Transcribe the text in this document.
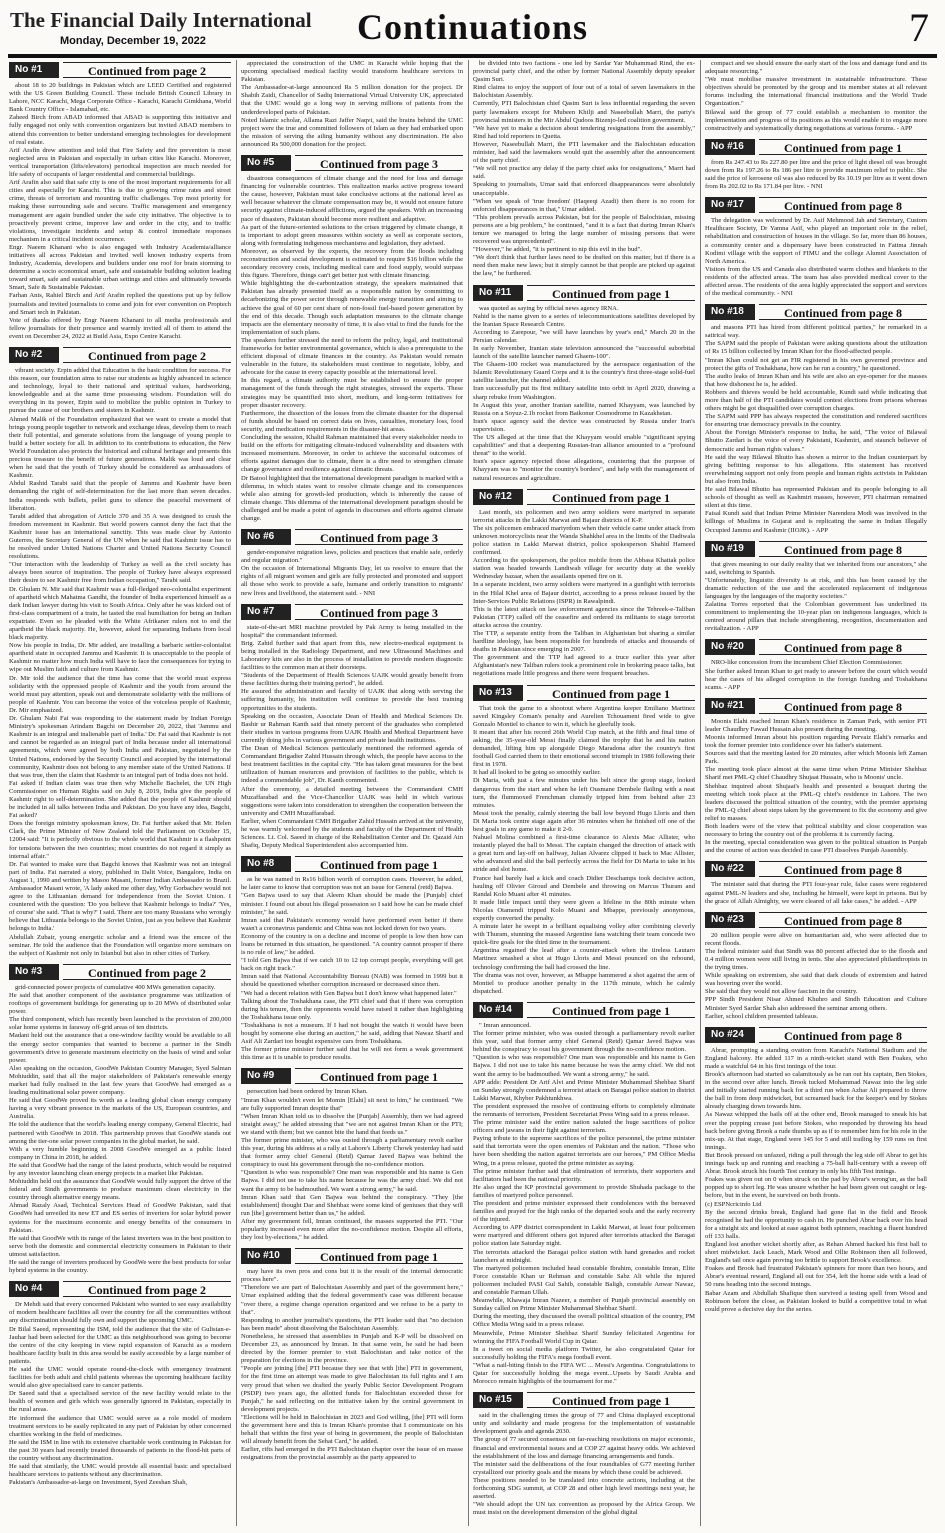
The Financial Daily International
Monday, December 19, 2022	Continuations	7
No #1	Continued from page 2

about 18 to 20 buildings in Pakistan which are LEED Certified and registered with the US Green Building Council. These include British Council Library in Lahore, NCC Karachi, Mega Corporate Office - Karachi, Karachi Gimkhana, World Bank Country Office - Islamabad, etc.
Zaheed Birch from ABAD informed that ABAD is supporting this initiative and fully engaged not only with convention organizers but invited ABAD members to attend this convention to better understand emerging technologies for development of real estate.
Arif Arafin drew attention and told that Fire Safety and fire prevention is most neglected area in Pakistan and especially in urban cities like Karachi. Moreover, vertical transportation (lifts/elevators) periodical inspection are much needed for life safety of occupants of larger residential and commercial buildings.
Arif Arafin also said that safe city is one of the most important requirements for all cities and especially for Karachi. This is due to growing crime rates and street crime, threats of terrorism and mounting traffic challenges. Top most priority for making these surrounding safe and secure. Traffic management and emergency management are again bundled under the safe city initiative. The objective is to proactively prevent crime, improve law and order in the city, and to traffic violations, investigate incidents and setup & control immediate responses mechanism in a critical incident occurrence.
Engr. Naeem Khanani who is also engaged with Industry Academia/alliance initiatives all across Pakistan and invited well known industry experts from Industry, Academia, developers and builders under one roof for brain storming to determine a socio economical smart, safe and sustainable building solution leading toward smart, safe and sustainable urban settings and cities and ultimately towards Smart, Safe & Sustainable Pakistan.
Farhan Anis, Rahiel Birch and Arif Arafin replied the questions put up by fellow journalists and invited journalists to come and join for ever convention on Proptech and Smart tech in Pakistan.
Vote of thanks offered by Engr Naeem Khanani to all media professionals and fellow journalists for their presence and warmly invited all of them to attend the event on December 24, 2022 at Build Asia, Expo Centre Karachi.

No #2	Continued from page 2

vibrant society. Erpin added that Education is the basic condition for success. For this reason, our foundation aims to raise our students as highly advanced in science and technology, loyal to their national and spiritual values, hardworking, knowledgeable and at the same time possessing wisdom. Foundation will do everything in its power, Erpin said to mobilize the public opinion in Turkey to pursue the cause of our brothers and sisters in Kashmir.
Ahmed Malik of the Foundation emphasized that we want to create a model that brings young people together to network and exchange ideas, develop them to reach their full potential, and generate solutions from the language of young people to build a better society for all. In addition to its contributions to education, the New World Foundation also protects the historical and cultural heritage and presents this precious treasure to the benefit of future generations. Malik was loud and clear when he said that the youth of Turkey should be considered as ambassadors of Kashmir.
Abdul Rashid Tarabi said that the people of Jammu and Kashmir have been demanding the right of self-determination for the last more than seven decades. India responds with bullets, pellet guns to silence the peaceful movement of liberation.
Tarabi added that abrogation of Article 370 and 35 A was designed to crush the freedom movement in Kashmir. But world powers cannot deny the fact that the Kashmir issue has an international sanctity. This was made clear by Antonio Guterres, the Secretary General of the UN when he said that Kashmir issue has to be resolved under United Nations Charter and United Nations Security Council resolutions.
"Our interaction with the leadership of Turkey as well as the civil society has always been source of inspiration. The people of Turkey have always expressed their desire to see Kashmir free from Indian occupation," Tarabi said.
Dr. Ghulam N. Mir said that Kashmir was a full-fledged neo-colonialist experiment of apartheid which Mahatma Gandhi, the founder of India experienced himself as a dark Indian lawyer during his visit to South Africa. Only after he was kicked out of first-class compartment of a train, he tasted the real humiliation for being an Indian expatriate. Even so he pleaded with the White Afrikaner rulers not to end the apartheid the black majority. He, however, asked for separating Indians from local black majority.
Now his people in India, Dr. Mir added, are installing a barbaric settler-colonialist apartheid state in occupied Jammu and Kashmir. It is unacceptable to the people of Kashmir no matter how much India will have to face the consequences for trying to wipe out Muslim faith and culture from Kashmir.
Dr. Mir told the audience that the time has come that the world must express solidarity with the oppressed people of Kashmir and the youth from around the world must pay attention, speak out and demonstrate solidarity with the millions of people of Kashmir. You can become the voice of the voiceless people of Kashmir, Dr. Mir emphasized.
Dr. Ghulam Nabi Fai was responding to the statement made by Indian Foreign Ministry's spokesman Arindam Bagchi on December 20, 2022, that 'Jammu and Kashmir is an integral and inalienable part of India.' Dr. Fai said that Kashmir is not and cannot be regarded as an integral part of India because under all international agreements, which were agreed by both India and Pakistan, negotiated by the United Nations, endorsed by the Security Council and accepted by the international community, Kashmir does not belong to any member state of the United Nations. If that was true, then the claim that Kashmir is an integral part of India does not hold.
Fai asked if Indian claim was true then why Michelle Bachelet, the UN High Commissioner on Human Rights said on July 8, 2019, India give the people of Kashmir right to self-determination. She added that the people of Kashmir should be included in all talks between India and Pakistan. Do you have any idea, Bagchi, Fai asked?
Does the foreign ministry spokesman know, Dr. Fai further asked that Mr. Helen Clark, the Prime Minister of New Zealand told the Parliament on October 15, 12004 said: "It is perfectly obvious to the whole world that Kashmir is a flashpoint for tensions between the two countries; most countries do not regard it simply as internal affair."
Dr. Fai wanted to make sure that Bagchi knows that Kashmir was not an integral part of India. Fai narrated a story, published in Dalit Voice, Bangalore, India on August 1, 1990 and written by Masoo Masani, former Indian Ambassador to Brazil. Ambassador Masani wrote, 'A lady asked me other day, Why Gorbachev would not agree to the Lithuanian demand for independence from the Soviet Union. I countered with the question: 'Do you believe that Kashmir belongs to India?' 'Yes, of course' she said. 'That is why?' I said. There are too many Russians who wrongly believe that Lithuania belongs to the Soviet Union, just as you believe that Kashmir belongs to India.'
Abdullah Zubair, young energetic scholar and a friend was the emcee of the seminar. He told the audience that the Foundation will organize more seminars on the subject of Kashmir not only in Istanbul but also in other cities of Turkey.

No #3	Continued from page 2

grid-connected power projects of cumulative 400 MWs generation capacity.
He said that another component of the assistance programme was utilization of rooftops of government buildings for generating up to 20 MWs of distributed solar power.
The third component, which has recently been launched is the provision of 200,000 solar home systems in faraway off-grid areas of ten districts.
Madani held out the assurance that a one-window facility would be available to all the energy sector companies that wanted to become a partner in the Sindh government's drive to generate maximum electricity on the basis of wind and solar power.
Also speaking on the occasion, GoodWe Pakistan Country Manager, Syed Salman Mohiuddin, said that all the major stakeholders of Pakistan's renewable energy market had fully realised in the last few years that GoodWe had emerged as a leading multinational solar power company.
He said that GoodWe proved its worth as a leading global clean energy company having a very vibrant presence in the markets of the US, European countries, and Australia.
He told the audience that the world's leading energy company, General Electric, had partnered with GoodWe in 2018. This partnership proves that GoodWe stands out among the tier-one solar power companies in the global market, he said.
With a very humble beginning in 2008 GoodWe emerged as a public listed company in China in 2018, he added.
He said that GoodWe had the range of the latest products, which would be required by any investor launching clean energy projects in a market like Pakistan.
Mohiuddin held out the assurance that GoodWe would fully support the drive of the federal and Sindh governments to produce maximum clean electricity in the country through alternative energy means.
Ahmad Razaly Asad, Technical Services Head of GoodWe Pakistan, said that GoodWe had unveiled its new ET and ES series of inverters for solar hybrid power systems for the maximum economic and energy benefits of the consumers in Pakistan.
He said that GoodWe with its range of the latest inverters was in the best position to serve both the domestic and commercial electricity consumers in Pakistan to their utmost satisfaction.
He said the range of inverters produced by GoodWe were the best products for solar hybrid systems in the country.

No #4	Continued from page 2

Dr Mehdi said that every concerned Pakistani who wanted to see easy availability of modern healthcare facilities all over the country for all the communities without any discrimination should fully own and support the upcoming UMC.
Dr Bilal Saeed, representing the ISM, told the audience that the site of Gulistan-e-Jauhar had been selected for the UMC as this neighbourhood was going to become the centre of the city keeping in view rapid expansion of Karachi as a modern healthcare facility built in this area would be easily accessible by a large number of patients.
He said the UMC would operate round-the-clock with emergency treatment facilities for both adult and child patients whereas the upcoming healthcare facility would also give specialised care to cancer patients.
Dr Saeed said that a specialised service of the new facility would relate to the health of women and girls which was generally ignored in Pakistan, especially in the rural areas.
He informed the audience that UMC would serve as a role model of modern treatment services to be easily replicated in any part of Pakistan by other concerned charities working in the field of medicines.
He said the ISM in line with its extensive charitable work continuing in Pakistan for the past 30 years had recently treated thousands of patients in the flood-hit parts of the country without any discrimination.
He said that similarly, the UMC would provide all essential basic and specialised healthcare services to patients without any discrimination.
Pakistan's Ambassador-at-large on Investment, Syed Zeeshan Shah,

appreciated the construction of the UMC in Karachi while hoping that the upcoming specialised medical facility would transform healthcare services in Pakistan.
The Ambassador-at-large announced Rs 5 million donation for the project. Dr Shabih Zaidi, Chancellor of Sadiq International Virtual University UK, appreciated that the UMC would go a long way in serving millions of patients from the underdeveloped parts of Pakistan.
Noted Islamic scholar, Allama Razi Jaffer Naqvi, said the brains behind the UMC project were the true and committed followers of Islam as they had embarked upon the mission of serving the ailing humanity without any discrimination. He also announced Rs 500,000 donation for the project.

No #5	Continued from page 3

disastrous consequences of climate change and the need for loss and damage financing for vulnerable countries. This realization marks active progress toward the cause, however, Pakistan must take conclusive actions at the national level as well because whatever the climate compensation may be, it would not ensure future security against climate-induced afflictions, argued the speakers. With an increasing pace of disasters, Pakistan should become more resilient and adaptive.
As part of the future-oriented solutions to the crises triggered by climate change, it is important to adopt green measures within society as well as corporate sectors, along with formulating indigenous mechanisms and legislation, they advised.
Moreover, as observed by the experts, the recovery from the floods including reconstruction and social development is estimated to require $16 billion while the secondary recovery costs, including medical care and food supply, would surpass this figure. Therefore, things can't get better just with climate financing.
While highlighting the de-carbonization strategy, the speakers maintained that Pakistan has already presented itself as a responsible nation by committing to decarbonizing the power sector through renewable energy transition and aiming to achieve the goal of 60 per cent share of non-fossil fuel-based power generation by the end of this decade. Though such adaptation measures to the climate change impacts are the elementary necessity of time, it is also vital to find the funds for the implementation of such plans.
The speakers further stressed the need to reform the policy, legal, and institutional frameworks for better environmental governance, which is also a prerequisite to the efficient disposal of climate finances in the country. As Pakistan would remain vulnerable in the future, its stakeholders must continue to negotiate, lobby, and advocate for the cause in every capacity possible at the international level.
In this regard, a climate authority must be established to ensure the proper management of the funds through the right strategies, stressed the experts. These strategies may be quantified into short, medium, and long-term initiatives for proper disaster recovery.
Furthermore, the dissection of the losses from the climate disaster for the dispersal of funds should be based on correct data on lives, casualties, monetary loss, food security, and medication requirements in the disaster-hit areas.
Concluding the session, Khalid Rahman maintained that every stakeholder needs to build on the efforts for mitigating climate-induced vulnerability and disasters with increased momentum. Moreover, in order to achieve the successful outcomes of efforts against damages due to climate, there is a dire need to strengthen climate change governance and resilience against climatic threats.
Dr Batool highlighted that the international development paradigm is marked with a dilemma, in which states want to resolve climate change and its consequences while also aiming for growth-led production, which is inherently the cause of climate change. This dilemma of the international development paradigm should be challenged and be made a point of agenda in discourses and efforts against climate change.

No #6	Continued from page 3

gender-responsive migration laws, policies and practices that enable safe, orderly and regular migration."
On the occasion of International Migrants Day, let us resolve to ensure that the rights of all migrant women and girls are fully protected and promoted and support all those who work to provide a safe, humane and orderly transition to migrants' new lives and livelihood, the statement said. - NNI

No #7	Continued from page 3

state-of-the-art MRI machine provided by Pak Army is being installed in the hospital" the commandant informed.
Brig. Zahid further said that apart from this, new electro-medical equipment is being installed in the Radiology Department, and new Ultrasound Machines and Laboratory kits are also in the process of installation to provide modern diagnostic facilities to the common man at their doorsteps.
"Students of the Department of Health Sciences UAJK would greatly benefit from these facilities during their training period", he added.
He assured the administration and faculty of UAJK that along with serving the suffering humanity, his institution will continue to provide the best training opportunities to the students.
Speaking on the occasion, Associate Dean of Health and Medical Sciences Dr. Bashir ur Rahman Kanth said that ninety percent of the graduates who completed their studies in various programs from UAJK Health and Medical Department have currently doing jobs in various government and private health institutions.
The Dean of Medical Sciences particularly mentioned the reformed agenda of Commandant Brigadier Zahid Hussain through which, the people have access to the best treatment facilities in the capital city. "He has taken great measures for the best utilization of human resources and provision of facilities to the public, which is indeed a commendable job", Dr. Kanth commented.
After the ceremony, a detailed meeting between the Commandant CMH Muzaffarabad and the Vice-Chancellor UAJK was held in which various suggestions were taken into consideration to strengthen the cooperation between the university and CMH Muzaffarabad.
Earlier, when Commandant CMH Brigadier Zahid Hussain arrived at the university, he was warmly welcomed by the students and faculty of the Department of Health Sciences. Lt. Col. Saeed in charge of the Rehabilitation Center and Dr. Qazaid Ain Shafiq, Deputy Medical Superintendent also accompanied him.

No #8	Continued from page 1

as he was named in Rs16 billion worth of corruption cases. However, he added, he later came to know that corruption was not an issue for General (retd) Bajwa.
"Gen Bajwa used to say that Aleem Khan should be made the [Punjab] chief minister. I found out about his illegal possession so I said how he can be made chief minister," he said.
Imran said that Pakistan's economy would have performed even better if there wasn't a coronavirus pandemic and China was not locked down for two years.
Economy of the country is on a decline and income of people is low then how can loans be returned in this situation, he questioned. "A country cannot prosper if there is no rule of law," he added.
"I told Gen Bajwa that if we catch 10 to 12 top corrupt people, everything will get back on right track."
Imran said that National Accountability Bureau (NAB) was formed in 1999 but it should be questioned whether corruption increased or decreased since then.
"We had a decent relation with Gen Bajwa but I don't know what happened later."
Talking about the Toshakhana case, the PTI chief said that if there was corruption during his tenure, then the opponents would have raised it rather than highlighting the Toshakhana issue only.
"Toshakhana is not a museum. If I had not bought the watch it would have been bought by someone else during an auction," he said, adding that Nawaz Sharif and Asif Ali Zardari too bought expensive cars from Toshakhana.
The former prime minister further said that he will not form a weak government this time as it is unable to produce results.

No #9	Continued from page 1

persecution had been ordered by Imran Khan.
"Imran Khan wouldn't even let Momin [Elahi] sit next to him," he continued. "We are fully supported Imran despite that"
"When Imran Khan told us to dissolve the [Punjab] Assembly, then we had agreed straight away," he added stressing that "we are not against Imran Khan or the PTI; we stand with them; but we cannot bite the hand that feeds us."
The former prime minister, who was ousted through a parliamentary revolt earlier this year, during his address at a rally at Lahore's Liberty Chowk yesterday had said that former army chief General (Retd) Qamar Javed Bajwa was behind the conspiracy to oust his government through the no-confidence motion.
"Question is who was responsible? One man was responsible and his name is Gen Bajwa. I did not use to take his name because he was the army chief. We did not want the army to be badmouthed. We want a strong army," he said.
Imran Khan said that Gen Bajwa was behind the conspiracy. "They [the establishment] thought Dar and Shehbaz were some kind of geniuses that they will run [the] government better than us," he added.
After my government fell, Imran continued, the masses supported the PTI. "Our popularity increased even more after the no-confidence motion. Despite all efforts, they lost by-elections," he added.

No #10	Continued from page 1

may have its own pros and cons but it is the result of the internal democratic process here".
"Therefore we are part of Balochistan Assembly and part of the government here," Umar explained adding that the federal government's case was different because "over there, a regime change operation organized and we refuse to be a party to that".
Responding to another journalist's questions, the PTI leader said that "no decision has been made" about dissolving the Balochistan Assembly.
Nonetheless, he stressed that assemblies in Punjab and K-P will be dissolved on December 23, as announced by Imran. In that same vein, he said he had been directed by the former premier to visit Balochistan and take notice of the preparation for elections in the province.
"People are joining [the] PTI because they see that with [the] PTI in government, for the first time an attempt was made to give Balochistan its full rights and I am very proud that when we drafted the yearly Public Sector Development Program (PSDP) two years ago, the allotted funds for Balochistan exceeded those for Punjab," he said reflecting on the initiative taken by the central government in development projects.
"Elections will be held in Balochistan in 2023 and God willing, [the] PTI will form the government here and this is Imran Khan's promise that I communicate on his behalf that within the first year of being in government, the people of Balochistan will already benefit from the Sehat Card," he added.
Earlier, rifts had emerged in the PTI Balochistan chapter over the issue of en masse resignations from the provincial assembly as the party appeared to

be divided into two factions - one led by Sardar Yar Muhammad Rind, the ex-provincial party chief, and the other by former National Assembly deputy speaker Qasim Suri.
Rind claims to enjoy the support of four out of a total of seven lawmakers in the Balochistan Assembly.
Currently, PTI Balochistan chief Qasim Suri is less influential regarding the seven party lawmakers except for Mubeen Khilji and Naseebullah Marri, the party's provincial ministers in the Mir Abdul Qudoos Bizenjo-led coalition government.
"We have yet to make a decision about tendering resignations from the assembly," Rind had told reporters in Quetta.
However, Naseebullah Marri, the PTI lawmaker and the Balochistan education minister, had said the lawmakers would quit the assembly after the announcement of the party chief.
"We will not practice any delay if the party chief asks for resignations," Marri had said.
Speaking to journalists, Umar said that enforced disappearances were absolutely unacceptable.
"When we speak of 'true freedom' (Haqeeqi Azadi) then there is no room for enforced disappearances in that," Umar added.
"This problem prevails across Pakistan, but for the people of Balochistan, missing persons are a big problem," he continued, "and it is a fact that during Imran Khan's tenure we managed to bring the large number of missing persons that were recovered was unprecedented".
"However," he added, "it is pertinent to nip this evil in the bud".
"We don't think that further laws need to be drafted on this matter, but if there is a need then make new laws; but it simply cannot be that people are picked up against the law," he furthered.

No #11	Continued from page 1

was quoted as saying by official news agency IRNA.
Nahid is the name given to a series of telecommunications satellites developed by the Iranian Space Research Centre.
According to Zarepour, "we will have launches by year's end," March 20 in the Persian calendar.
In early November, Iranian state television announced the "successful suborbital launch of the satellite launcher named Ghaem-100".
The Ghaem-100 rocket was manufactured by the aerospace organisation of the Islamic Revolutionary Guard Corps and it is the country's first three-stage solid-fuel satellite launcher, the channel added.
Iran successfully put its first military satellite into orbit in April 2020, drawing a sharp rebuke from Washington.
In August this year, another Iranian satellite, named Khayyam, was launched by Russia on a Soyuz-2.1b rocket from Baikonur Cosmodrome in Kazakhstan.
Iran's space agency said the device was constructed by Russia under Iran's supervision.
The US alleged at the time that the Khayyam would enable "significant spying capabilities" and that a deepening Russian-Iran alliance amounted to a "profound threat" to the world.
Iran's space agency rejected those allegations, countering that the purpose of Khayyam was to "monitor the country's borders", and help with the management of natural resources and agriculture.

No #12	Continued from page 1

Last month, six policemen and two army soldiers were martyred in separate terrorist attacks in the Lakki Marwat and Bajaur districts of K-P.
The six policemen embraced martyrdom when their vehicle came under attack from unknown motorcyclists near the Wanda Shahkhel area in the limits of the Dadiwala police station in Lakki Marwat district, police spokesperson Shahid Hameed confirmed.
According to the spokesperson, the police mobile from the Abbasa Khattak police station was headed towards Landiwah village for security duty at the weekly Wednesday bazaar, when the assailants opened fire on it.
In a separate incident, two army soldiers were martyred in a gunfight with terrorists in the Hilal Khel area of Bajaur district, according to a press release issued by the Inter-Services Public Relations (ISPR) in Rawalpindi.
This is the latest attack on law enforcement agencies since the Tehreek-e-Taliban Pakistan (TTP) called off the ceasefire and ordered its militants to stage terrorist attacks across the country.
The TTP, a separate entity from the Taliban in Afghanistan but sharing a similar hardline ideology, has been responsible for hundreds of attacks and thousands of deaths in Pakistan since emerging in 2007.
The government and the TTP had agreed to a truce earlier this year after Afghanistan's new Taliban rulers took a prominent role in brokering peace talks, but negotiations made little progress and there were frequent breaches.

No #13	Continued from page 1

That took the game to a shootout where Argentina keeper Emiliano Martinez saved Kingsley Coman's penalty and Aurelien Tchouameni fired wide to give Gonzalo Montiel to chance to win it, which he gleefully took.
It meant that after his record 26th World Cup match, at the fifth and final time of asking, the 35-year-old Messi finally claimed the trophy that he and his nation demanded, lifting him up alongside Diego Maradona after the country's first football God carried them to their emotional second triumph in 1986 following their first in 1978.
It had all looked to be going so smoothly earlier.
Di Maria, with just a few minutes under his belt since the group stage, looked dangerous from the start and when he left Ousmane Dembele flailing with a neat turn, the flummoxed Frenchman clumsily tripped him from behind after 23 minutes.
Messi took the penalty, calmly steering the ball low beyond Hugo Lloris and then Di Maria took centre stage again after 36 minutes when he finished off one of the best goals in any game to make it 2-0.
Nahuel Molina combined a first-time clearance to Alexis Mac Allister, who instantly played the ball to Messi. The captain changed the direction of attack with a great turn and lay-off on halfway, Julian Alvarez clipped it back to Mac Allister, who advanced and slid the ball perfectly across the field for Di Maria to take in his stride and slot home.
France had barely had a kick and coach Didier Deschamps took decisive action, hauling off Olivier Giroud and Dembele and throwing on Marcus Thuram and Randal Kolo Muani after 41 minutes.
It made little impact until they were given a lifeline in the 80th minute when Nicolas Otamendi tripped Kolo Muani and Mbappe, previously anonymous, expertly converted the penalty.
A minute later he swept in a brilliant equalising volley after combining cleverly with Thuram, stunning the massed Argentine fans watching their team concede two quick-fire goals for the third time in the tournament.
Argentina regained the lead after a counter-attack when the tireless Lautaro Martinez smashed a shot at Hugo Lloris and Messi pounced on the rebound, technology confirming the ball had crossed the line.
The drama was not over, however, as Mbappe hammered a shot against the arm of Montiel to produce another penalty in the 117th minute, which he calmly dispatched.

No #14	Continued from page 1

" Imran announced.
The former prime minister, who was ousted through a parliamentary revolt earlier this year, said that former army chief General (Retd) Qamar Javed Bajwa was behind the conspiracy to oust his government through the no-confidence motion.
"Question is who was responsible? One man was responsible and his name is Gen Bajwa. I did not use to take his name because he was the army chief. We did not want the army to be badmouthed. We want a strong army," he said.
APP adds: President Dr Arif Alvi and Prime Minister Muhammad Shehbaz Sharif on Sunday strongly condemned a terrorist attack on Baragai police station in district Lakki Marwat, Khyber Pakhtunkhwa.
The president expressed the resolve of continuing efforts to completely eliminate the remnants of terrorism, President Secretariat Press Wing said in a press release.
The prime minister said the entire nation saluted the huge sacrifices of police officers and jawans in their fight against terrorism.
Paying tribute to the supreme sacrifices of the police personnel, the prime minister said that terrorists were the open enemies of Pakistan and the nation. "Those who have been shedding the nation against terrorists are our heroes," PM Office Media Wing, in a press release, quoted the prime minister as saying.
The prime minister further said that elimination of terrorists, their supporters and facilitators had been the national priority.
He also urged the KP provincial government to provide Shuhada package to the families of martyred police personnel.
The president and prime minister expressed their condolences with the bereaved families and prayed for the high ranks of the departed souls and the early recovery of the injured.
According to APP district correspondent in Lakki Marwat, at least four policemen were martyred and different others got injured after terrorists attacked the Baragai police station late Saturday night.
The terrorists attacked the Baragai police station with hand grenades and rocket launchers at midnight.
The martyred policemen included head constable Ibrahim, constable Imran, Elite Force constable Khan ur Rehman and constable Sabz Ali while the injured policemen included PASI Gul Sahib, constable Baligh, constable Anwar Nawaz, and constable Farman Ullah.
Meanwhile, Khawaja Imran Nazeer, a member of Punjab provincial assembly on Sunday called on Prime Minister Muhammad Shehbaz Sharif.
During the meeting, they discussed the overall political situation of the country, PM Office Media Wing said in a press release.
Meanwhile, Prime Minister Shehbaz Sharif Sunday felicitated Argentina for winning the FIFA Football World Cup in Qatar.
In a tweet on social media platform Twitter, he also congratulated Qatar for successfully holding the FIFA's mega football event.
"What a nail-biting finish to the FIFA WC ... Messi's Argentina. Congratulations to Qatar for successfully holding the mega event...Upsets by Saudi Arabia and Morocco remain highlights of the tournament for me."

No #15	Continued from page 1

said in the challenging times the group of 77 and China displayed exceptional unity and solidarity and made progress for the implementation of sustainable development goals and agenda 2030.
The group of 77 secured consensus on far-reaching resolutions on major economic, financial and environmental issues and at COP 27 against heavy odds. We achieved the establishment of the loss and damage financing arrangements and funds.
The minister said the deliberations of the four roundtables of G77 meeting further crystallized our priority goals and the means by which these could be achieved.
These positions needed to be translated into concrete actions, including at the forthcoming SDG summit, at COP 28 and other high level meetings next year, he asserted.
"We should adopt the UN tax convention as proposed by the Africa Group. We must insist on the development dimension of the global digital

compact and we should ensure the early start of the loss and damage fund and its adequate resourcing."
"We must mobilise massive investment in sustainable infrastructure. These objectives should be promoted by the group and its member states at all relevant forums including the international financial institutions and the World Trade Organization."
Bilawal said the group of 77 could establish a mechanism to monitor the implementation and progress of its positions as this would enable it to engage more constructively and systematically during negotiations at various forums. - APP

No #16	Continued from page 1

from Rs 247.43 to Rs 227.80 per litre and the price of light diesel oil was brought down from Rs 197.26 to Rs 186 per litre to provide maximum relief to public. She said the price of kerosene oil was also reduced by Rs 10.19 per litre as it went down from Rs 202.02 to Rs 171.84 per litre. - NNI

No #17	Continued from page 8

The delegation was welcomed by Dr. Asif Mehmood Jah and Secretary, Custom Healthcare Society, Dr Yamna Asif, who played an important role in the relief, rehabilitation and construction of houses in the village. So far, more than 86 houses, a community center and a dispensary have been constructed in Fatima Jinnah Kodimi village with the support of FIMU and the college Alumni Association of North America.
Visitors from the US and Canada also distributed warm clothes and blankets to the residents of the affected areas. The team has also provided medical cover to the affected areas. The residents of the area highly appreciated the support and services of the medical community. - NNI

No #18	Continued from page 8

and masons PTI has hired from different political parties," he remarked in a satirical way.
The SAPM said the people of Pakistan were asking questions about the utilization of Rs 15 billion collected by Imran Khan for the flood-affected people.
"Imran Khan could not get an FIR registered in his own governed province and protect the gifts of Toshakhana, how can he run a country," he questioned.
The audio leaks of Imran Khan and his wife are also an eye-opener for the masses that how dishonest he is, he added.
Robbers and thieves would be held accountable, Kundi said while indicating that more than half of the PTI candidates would contest elections from prisons whereas others might be got disqualified over corruption charges.
The SAPM said PPP has always respected the constitution and rendered sacrifices for ensuring true democracy prevails in the country.
About the Foreign Minister's response to India, he said, "The voice of Bilawal Bhutto Zardari is the voice of every Pakistani, Kashmiri, and staunch believer of democratic and human rights values."
He said the way Bilawal Bhutto has shown a mirror to the Indian counterpart by giving befitting response to his allegations. His statement has received overwhelming support not only from people and human rights activists in Pakistan but also from India.
He said Bilawal Bhutto has represented Pakistan and its people belonging to all schools of thought as well as Kashmiri masses, however, PTI chairman remained silent at this time.
Faisal Kundi said that Indian Prime Minister Narendera Modi was involved in the killings of Muslims in Gujarat and is replicating the same in Indian Illegally Occupied Jammu and Kashmir (IIOJK). - APP

No #19	Continued from page 8

that gives meaning to our daily reality that we inherited from our ancestors," she said, switching to Spanish.
"Unfortunately, linguistic diversity is at risk, and this has been caused by the dramatic reduction of the use and the accelerated replacement of indigenous languages by the languages of the majority societies."
Zalatina Torres reported that the Colombian government has underlined its commitment to implementing the 10-year plan on indigenous languages, which is centred around pillars that include strengthening, recognition, documentation and revitalization. - APP

No #20	Continued from page 8

NRO-like concession from the incumbent Chief Election Commissioner.
She further asked Imran Khan to get ready to answer before the court which would hear the cases of his alleged corruption in the foreign funding and Toshakhana scams. - APP

No #21	Continued from page 8

Moonis Elahi reached Imran Khan's residence in Zaman Park, with senior PTI leader Chaudhry Fawad Hussain also present during the meeting.
Moonis informed Imran about his position regarding Pervaiz Elahi's remarks and took the former premier into confidence over his father's statement.
Sources said that the meeting lasted for 20 minutes, after which Moonis left Zaman Park.
The meeting took place almost at the same time when Prime Minister Shehbaz Sharif met PML-Q chief Chaudhry Shujaat Hussain, who is Moonis' uncle.
Shehbaz inquired about Shujaat's health and presented a bouquet during the meeting which took place at the PML-Q chief's residence in Lahore. The two leaders discussed the political situation of the country, with the premier apprising the PML-Q chief about steps taken by the government to fix the economy and give relief to masses.
Both leaders were of the view that political stability and close cooperation was necessary to bring the country out of the problems it is currently facing.
In the meeting, special consideration was given to the political situation in Punjab and the course of action was decided in case PTI dissolves Punjab Assembly.

No #22	Continued from page 8

The minister said that during the PTI four-year rule, false cases were registered against PML-N leaders and she, including he himself, were kept in prisons. But by the grace of Allah Almighty, we were cleared of all fake cases," he added. - APP

No #23	Continued from page 8

20 million people were alive on humanitarian aid, who were affected due to recent floods.
The federal minister said that Sindh was 80 percent affected due to the floods and 0.4 million women were still living in tents. She also appreciated philanthropists in the trying times.
While speaking on extremism, she said that dark clouds of extremism and hatred was hovering over the world.
She said that they would not allow fascism in the country.
PPP Sindh President Nisar Ahmed Khuhro and Sindh Education and Culture Minister Syed Sardar Shah also addressed the seminar among others.
Earlier, school children presented tableaus.

No #24	Continued from page 8

Abrar, prompting a standing ovation from Karachi's National Stadium and the England balcony. He added 117 in a ninth-wicket stand with Ben Foakes, who made a watchful 64 in his first innings of the tour.
Brook's afternoon had started so calamitously as he ran out his captain, Ben Stokes, in the second over after lunch. Brook tucked Mohammad Nawaz into the leg side and initially started running back for a third run when Azhar Ali prepared to throw the ball in from deep midwicket, but screamed back for the keeper's end by Stokes already charging down towards him.
As Nawaz whipped the bails off at the other end, Brook managed to sneak his bat over the popping crease just before Stokes, who responded by throwing his head back before giving Brook a rude thumbs up as if to remember him for his role in the mix-up. At that stage, England were 145 for 5 and still trailing by 159 runs on first innings.
But Brook pressed on unfazed, riding a pull through the leg side off Abrar to get his innings back up and running and reaching a 75-ball half-century with a sweep off Abrar. Brook struck his fourth Test century in only his fifth Test innings.
Foakes was given out on 0 when struck on the pad by Abrar's wrong'un, as the ball popped up to short leg. He was unsure whether he had been given out caught or leg-before, but in the event, he survived on both fronts.
(c) ESPNcricinfo Ltd
By the second drinks break, England had gone flat in the field and Brook recognised he had the opportunity to cash in. He punched Abrar back over his head for a straight six and looked at ease against both spinners, reaching a fluent hundred off 133 balls.
England lost another wicket shortly after, as Rehan Ahmed hacked his first ball to short midwicket. Jack Leach, Mark Wood and Ollie Robinson then all followed, England's tail once again proving too brittle to support Brook's excellence.
Foakes and Brook had frustrated Pakistan's spinners for more than two hours, and Abrar's eventual reward, England all out for 354, left the home side with a lead of 50 runs heading into the second innings.
Babar Azam and Abdullah Shafique then survived a testing spell from Wood and Robinson before the close, as Pakistan looked to build a competitive total in what could prove a decisive day for the series.
